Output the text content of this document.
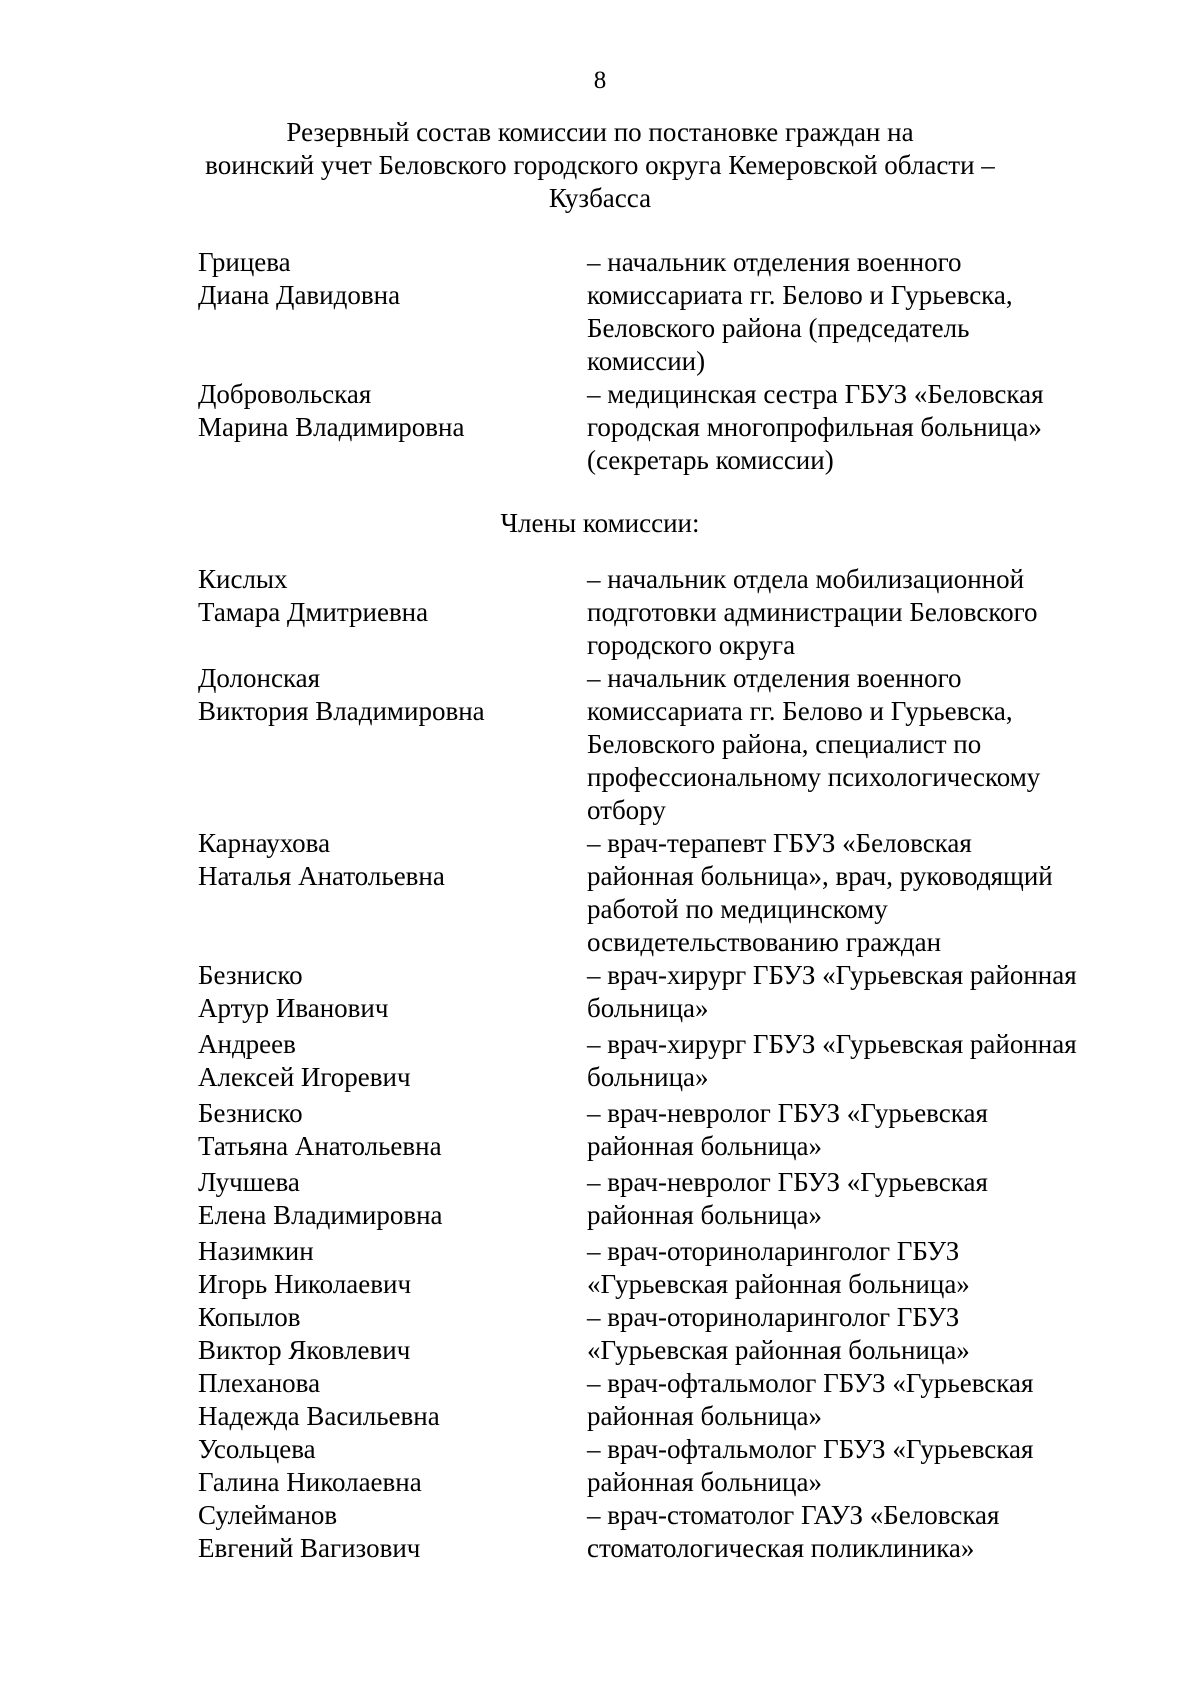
8
Резервный состав комиссии по постановке граждан на
воинский учет Беловского городского округа Кемеровской области –
Кузбасса
Грицева
Диана Давидовна
– начальник отделения военного
комиссариата гг. Белово и Гурьевска,
Беловского района (председатель
комиссии)
Добровольская
Марина Владимировна
– медицинская сестра ГБУЗ «Беловская
городская многопрофильная больница»
(секретарь комиссии)
Члены комиссии:
Кислых
Тамара Дмитриевна
– начальник отдела мобилизационной
подготовки администрации Беловского
городского округа
Долонская
Виктория Владимировна
– начальник отделения военного
комиссариата гг. Белово и Гурьевска,
Беловского района, специалист по
профессиональному психологическому
отбору
Карнаухова
Наталья Анатольевна
– врач-терапевт ГБУЗ «Беловская
районная больница», врач, руководящий
работой по медицинскому
освидетельствованию граждан
Безниско
Артур Иванович
– врач-хирург ГБУЗ «Гурьевская районная
больница»
Андреев
Алексей Игоревич
– врач-хирург ГБУЗ «Гурьевская районная
больница»
Безниско
Татьяна Анатольевна
– врач-невролог ГБУЗ «Гурьевская
районная больница»
Лучшева
Елена Владимировна
– врач-невролог ГБУЗ «Гурьевская
районная больница»
Назимкин
Игорь Николаевич
– врач-оториноларинголог ГБУЗ
«Гурьевская районная больница»
Копылов
Виктор Яковлевич
– врач-оториноларинголог ГБУЗ
«Гурьевская районная больница»
Плеханова
Надежда Васильевна
– врач-офтальмолог ГБУЗ «Гурьевская
районная больница»
Усольцева
Галина Николаевна
– врач-офтальмолог ГБУЗ «Гурьевская
районная больница»
Сулейманов
Евгений Вагизович
– врач-стоматолог ГАУЗ «Беловская
стоматологическая поликлиника»
